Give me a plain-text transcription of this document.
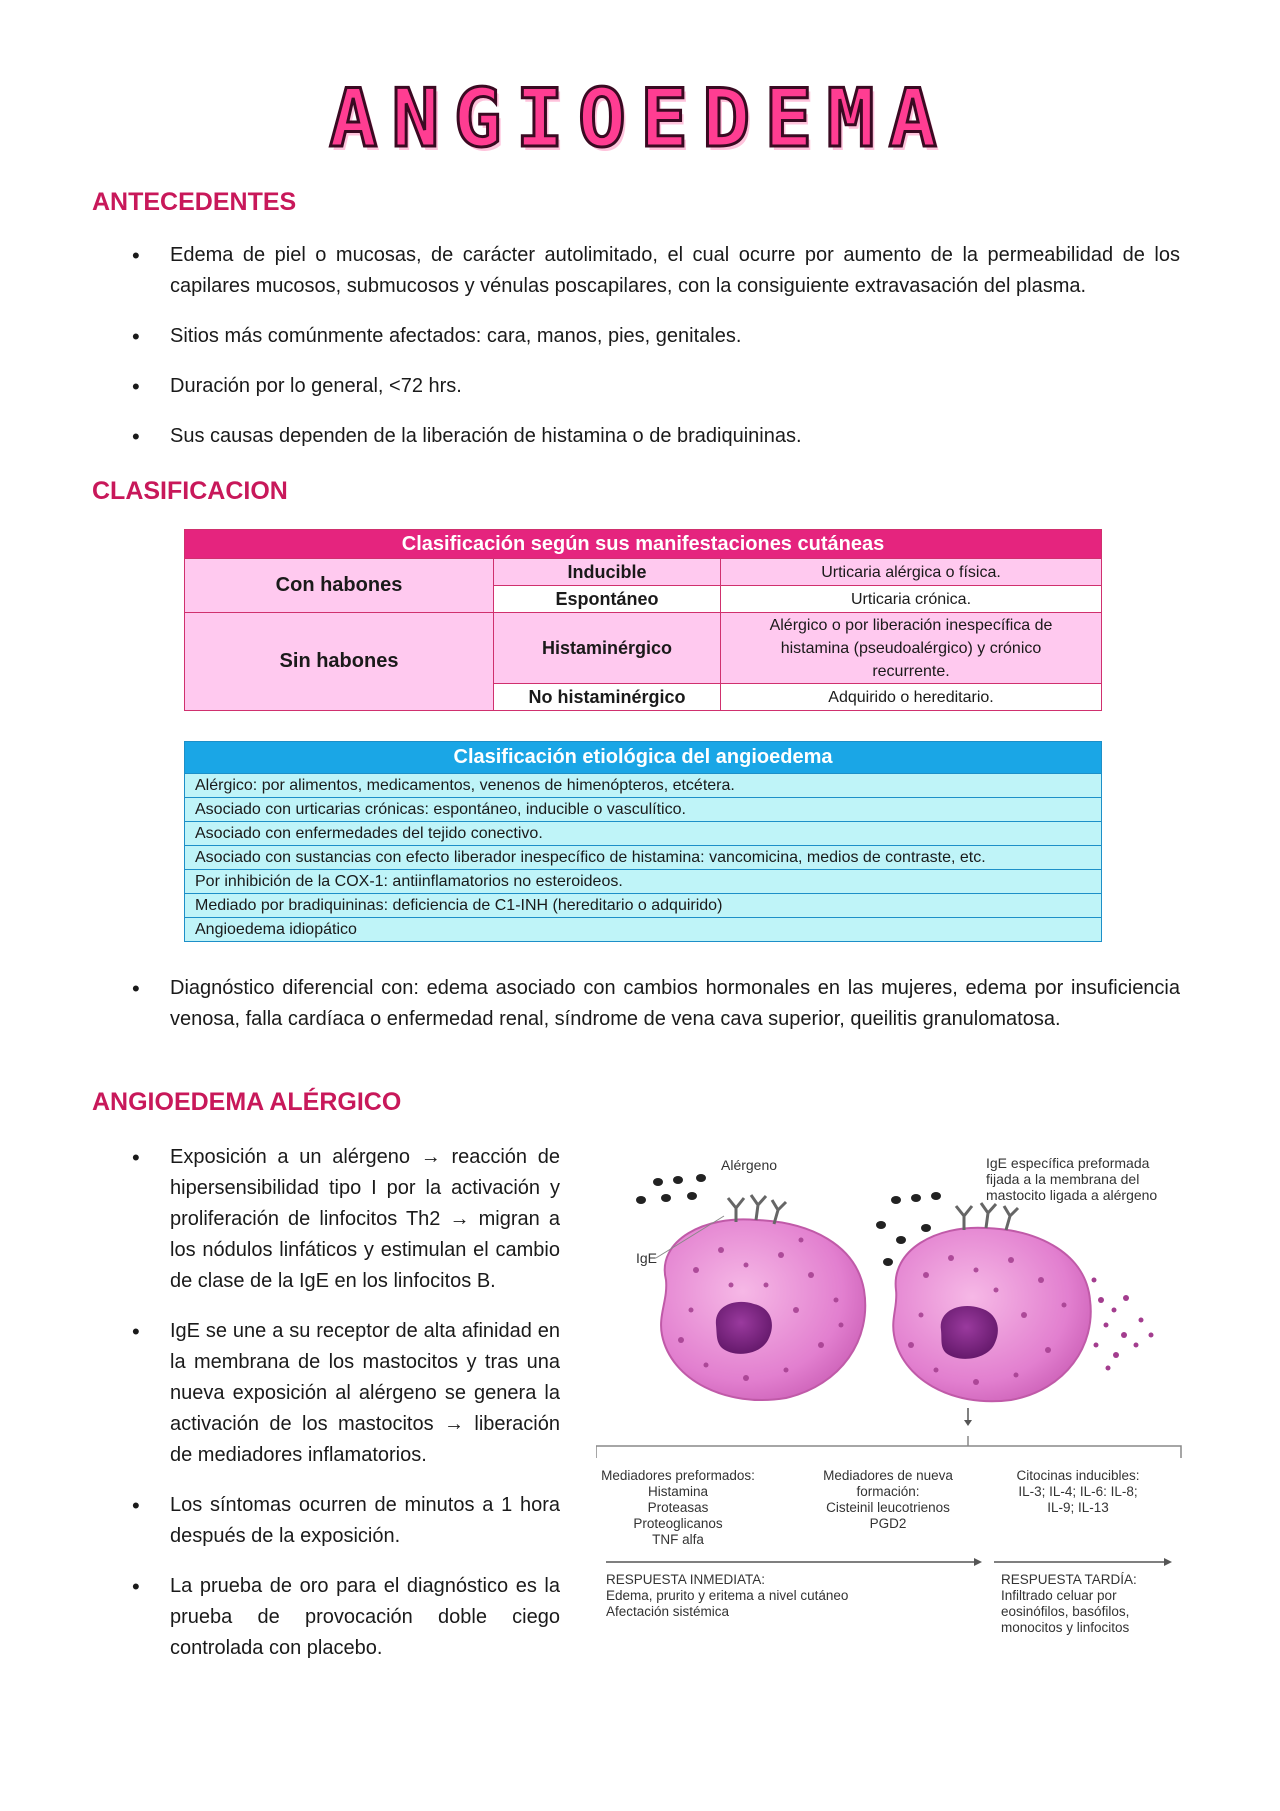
ANGIOEDEMA
ANTECEDENTES
• Edema de piel o mucosas, de carácter autolimitado, el cual ocurre por aumento de la permeabilidad de los capilares mucosos, submucosos y vénulas poscapilares, con la consiguiente extravasación del plasma.
• Sitios más comúnmente afectados: cara, manos, pies, genitales.
• Duración por lo general, <72 hrs.
• Sus causas dependen de la liberación de histamina o de bradiquininas.
CLASIFICACION
Clasificación según sus manifestaciones cutáneas		
Con habones	Inducible	Urticaria alérgica o física.
	Espontáneo	Urticaria crónica.
Sin habones	Histaminérgico	Alérgico o por liberación inespecífica de histamina (pseudoalérgico) y crónico recurrente.
	No histaminérgico	Adquirido o hereditario.
Clasificación etiológica del angioedema
Alérgico: por alimentos, medicamentos, venenos de himenópteros, etcétera.
Asociado con urticarias crónicas: espontáneo, inducible o vasculítico.
Asociado con enfermedades del tejido conectivo.
Asociado con sustancias con efecto liberador inespecífico de histamina: vancomicina, medios de contraste, etc.
Por inhibición de la COX-1: antiinflamatorios no esteroideos.
Mediado por bradiquininas: deficiencia de C1-INH (hereditario o adquirido)
Angioedema idiopático
• Diagnóstico diferencial con: edema asociado con cambios hormonales en las mujeres, edema por insuficiencia venosa, falla cardíaca o enfermedad renal, síndrome de vena cava superior, queilitis granulomatosa.
ANGIOEDEMA ALÉRGICO
• Exposición a un alérgeno → reacción de hipersensibilidad tipo I por la activación y proliferación de linfocitos Th2 → migran a los nódulos linfáticos y estimulan el cambio de clase de la IgE en los linfocitos B.
• IgE se une a su receptor de alta afinidad en la membrana de los mastocitos y tras una nueva exposición al alérgeno se genera la activación de los mastocitos → liberación de mediadores inflamatorios.
• Los síntomas ocurren de minutos a 1 hora después de la exposición.
• La prueba de oro para el diagnóstico es la prueba de provocación doble ciego controlada con placebo.
Alérgeno
IgE
IgE específica preformada
fijada a la membrana del
mastocito ligada a alérgeno
Mediadores preformados:
Histamina
Proteasas
Proteoglicanos
TNF alfa
Mediadores de nueva
formación:
Cisteinil leucotrienos
PGD2
Citocinas inducibles:
IL-3; IL-4; IL-6: IL-8;
IL-9; IL-13
RESPUESTA INMEDIATA:
Edema, prurito y eritema a nivel cutáneo
Afectación sistémica
RESPUESTA TARDÍA:
Infiltrado celuar por
eosinófilos, basófilos,
monocitos y linfocitos
